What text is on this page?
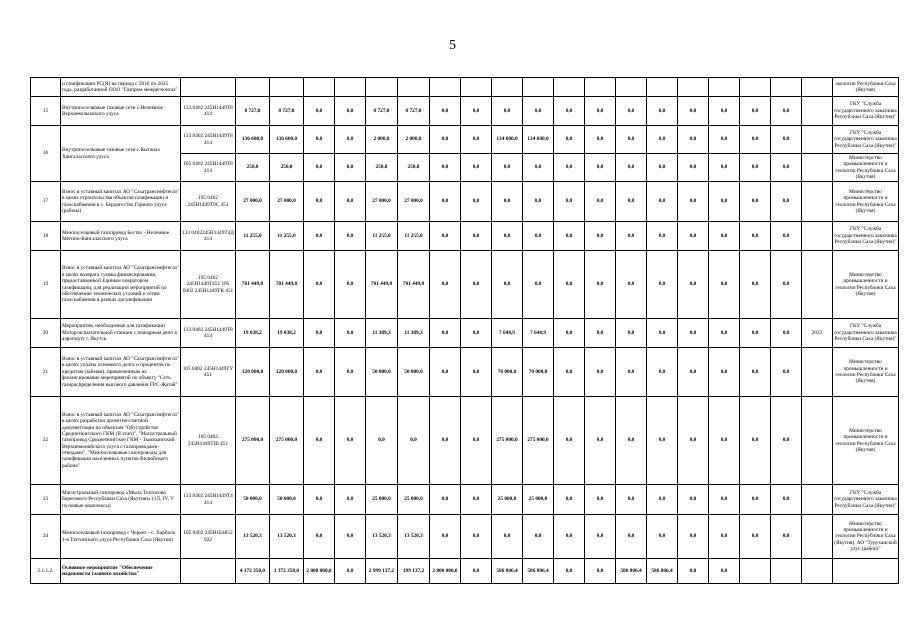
5
	и газификации РС(Я) на период с 2016 по 2025 года, разработанной ООО "Газпром межрегионгаз"																					экологии Республики Саха (Якутия)
15	Внутрипоселковые газовые сети с.Нелемное Верхнеколымского улуса	133 0402 245Н1449Т8 414	8 727,0	8 727,0	0,0	0,0	8 727,0	8 727,0	0,0	0,0	0,0	0,0	0,0	0,0	0,0	0,0	0,0	0,0	0,0	0,0		ГКУ "Служба государственного заказчика Республики Саха (Якутия)"
16	Внутрипоселковые газовые сети с.Кытанах Хангаласского улуса	133 0402 245Н1449Т8 414	136 600,0	136 600,0	0,0	0,0	2 000,0	2 000,0	0,0	0,0	134 600,0	134 600,0	0,0	0,0	0,0	0,0	0,0	0,0	0,0	0,0		ГКУ "Служба государственного заказчика Республики Саха (Якутия)"
		105 0402 245Н1449Т8 414	250,0	250,0	0,0	0,0	250,0	250,0	0,0	0,0	0,0	0,0	0,0	0,0	0,0	0,0	0,0	0,0	0,0	0,0		Министерство промышленности и геологии Республики Саха (Якутия)
17	Взнос в уставный капитал АО "Сахатранснефтегаз" в целях строительства объектов газификации и газоснабжения в с. Бердигестях Горного улуса (района)	105 0402 245Н1449Т9С 451	27 000,0	27 000,0	0,0	0,0	27 000,0	27 000,0	0,0	0,0	0,0	0,0	0,0	0,0	0,0	0,0	0,0	0,0	0,0	0,0		Министерство промышленности и геологии Республики Саха (Якутия)
18	Межпоселковый газопровод Бестях - Нелемное Мегино-Кангаласского улуса	133 0402245Н1449Т4Д 414	11 255,0	11 255,0	0,0	0,0	11 255,0	11 255,0	0,0	0,0	0,0	0,0	0,0	0,0	0,0	0,0	0,0	0,0	0,0	0,0		ГКУ "Служба государственного заказчика Республики Саха (Якутия)"
19	Взнос в уставный капитал АО "Сахатранснефтегаз" в целях возврата суммы финансирования, предоставленной Единым оператором газификации, для реализации мероприятий по обеспечению технических условий и сетям газоснабжения в рамках догазификации	105 0402 245Н1449Т451 105 0402 245Н1449ТК 451	701 449,8	701 449,8	0,0	0,0	701 449,8	701 449,8	0,0	0,0	0,0	0,0	0,0	0,0	0,0	0,0	0,0	0,0	0,0	0,0		Министерство промышленности и геологии Республики Саха (Якутия)
20	Мероприятия, необходимые для газификации Мотор-испытательной станции с пожарным депо в аэропорту г. Якутск	133 0402 245Н1449Т8 414	19 038,2	19 038,2	0,0	0,0	11 389,3	11 389,3	0,0	0,0	7 648,9	7 648,9	0,0	0,0	0,0	0,0	0,0	0,0	0,0	0,0	2023	ГКУ "Служба государственного заказчика Республики Саха (Якутия)"
21	Взнос в уставный капитал АО "Сахатранснефтегаз" в целях уплаты основного долга и процентов по кредитам (займам), привлеченным на финансирование мероприятий по объекту "Сеть газораспределения высокого давления ГРС-Жатай"	105 0402 245Н1449ТУ 451	120 000,0	120 000,0	0,0	0,0	50 000,0	50 000,0	0,0	0,0	70 000,0	70 000,0	0,0	0,0	0,0	0,0	0,0	0,0	0,0	0,0		Министерство промышленности и геологии Республики Саха (Якутия)
22	Взнос в уставный капитал АО "Сахатранснефтегаз" в целях разработки проектно-сметной документации по объектам "Обустройство Среднетюнгского ГКМ (II этап)", "Магистральный газопровод Среднетюнгское ГКМ - Тымпынгский Верхневилюйского улуса с газопроводами-отводами", "Межпоселковые газопроводы для газификации населенных пунктов Вилюйского района"	105 0402 245Н1449ТШ 451	275 000,0	275 000,0	0,0	0,0	0,0	0,0	0,0	0,0	275 000,0	275 000,0	0,0	0,0	0,0	0,0	0,0	0,0	0,0	0,0		Министерство промышленности и геологии Республики Саха (Якутия)
23	Магистральный газопровод «Мыла Тохтохово Берегового Республики Саха (Якутия)» (1Л, IV, V пусковые комплексы)	133 0402 245Н1449Т4 414	50 000,0	50 000,0	0,0	0,0	25 000,0	25 000,0	0,0	0,0	25 000,0	25 000,0	0,0	0,0	0,0	0,0	0,0	0,0	0,0	0,0		ГКУ "Служба государственного заказчика Республики Саха (Якутия)"
24	Межпоселковый газопровод с Черкех - с. Харбала 1-я Таттинского улуса Республики Саха (Якутия)	105 0402 245Н1Б4852 922	13 520,3	13 520,3	0,0	0,0	13 520,3	13 520,3	0,0	0,0	0,0	0,0	0,0	0,0	0,0	0,0	0,0	0,0	0,0	0,0		Министерство промышленности и геологии Республики Саха (Якутия), АО "Туруханский улус (район)"
2.1.1.2.	Основное мероприятие "Обеспечение надежности газового хозяйства"		4 172 350,0	1 372 350,0	2 800 000,0	0,0	2 999 137,2	199 137,2	2 800 000,0	0,0	586 806,4	586 806,4	0,0	0,0	586 806,4	586 806,4	0,0	0,0				
